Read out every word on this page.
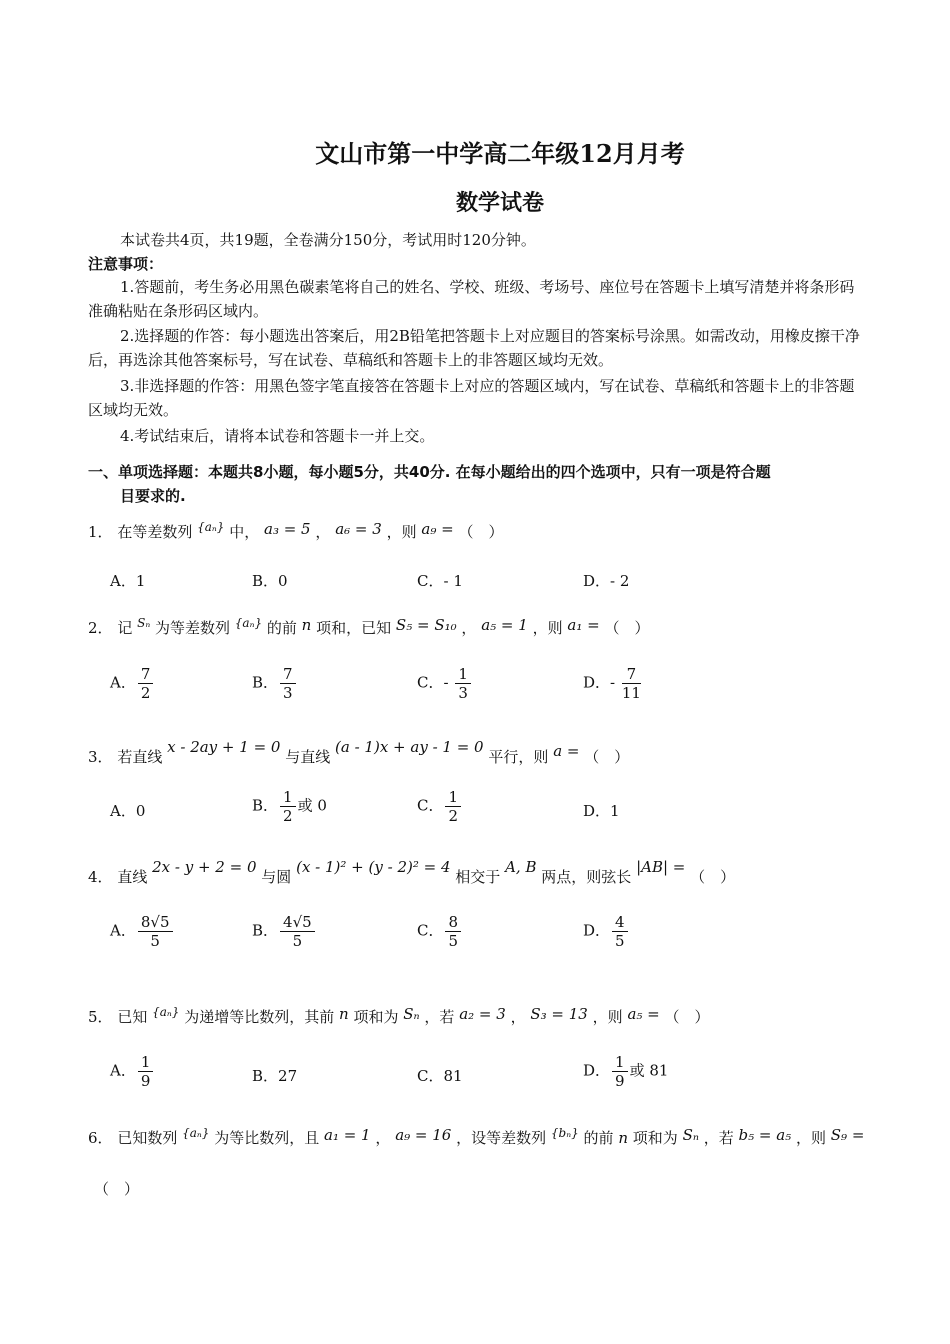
文山市第一中学高二年级12月月考
数学试卷
本试卷共4页，共19题，全卷满分150分，考试用时120分钟。
注意事项：
1.答题前，考生务必用黑色碳素笔将自己的姓名、学校、班级、考场号、座位号在答题卡上填写清楚并将条形码准确粘贴在条形码区域内。
2.选择题的作答：每小题选出答案后，用2B铅笔把答题卡上对应题目的答案标号涂黑。如需改动，用橡皮擦干净后，再选涂其他答案标号，写在试卷、草稿纸和答题卡上的非答题区域均无效。
3.非选择题的作答：用黑色签字笔直接答在答题卡上对应的答题区域内，写在试卷、草稿纸和答题卡上的非答题区域均无效。
4.考试结束后，请将本试卷和答题卡一并上交。
一、单项选择题：本题共8小题，每小题5分，共40分. 在每小题给出的四个选项中，只有一项是符合题
目要求的.
1． 在等差数列 $^{\{a_n\}}$ 中， a₃ = 5 ， a₆ = 3 ，则 a₉ = （　）
A．1	B．0	C．- 1	D．- 2
2． 记 $^{S_n}$ 为等差数列 $^{\{a_n\}}$ 的前 n 项和，已知 S₅ = S₁₀ ， a₅ = 1 ，则 a₁ = （　）
A． $\frac{7}{2}$	B． $\frac{7}{3}$	C．- $\frac{1}{3}$	D．- $\frac{7}{11}$
3． 若直线 x - 2ay + 1 = 0 与直线 (a - 1)x + ay - 1 = 0 平行，则 a = （　）
A．0	B． $\frac{1}{2}$ 或 0	C． $\frac{1}{2}$	D．1
4． 直线 2x - y + 2 = 0 与圆 (x - 1)² + (y - 2)² = 4 相交于 A, B 两点，则弦长 |AB| = （　）
A． $\frac{8√5}{5}$	B． $\frac{4√5}{5}$	C． $\frac{8}{5}$	D． $\frac{4}{5}$
5． 已知 $^{\{a_n\}}$ 为递增等比数列，其前 n 项和为 Sₙ ，若 a₂ = 3 ， S₃ = 13 ，则 a₅ = （　）
A． $\frac{1}{9}$	B．27	C．81	D． $\frac{1}{9}$ 或 81
6． 已知数列 $^{\{a_n\}}$ 为等比数列，且 a₁ = 1 ， a₉ = 16 ，设等差数列 $^{\{b_n\}}$ 的前 n 项和为 Sₙ ，若 b₅ = a₅ ，则 S₉ =
（　）
